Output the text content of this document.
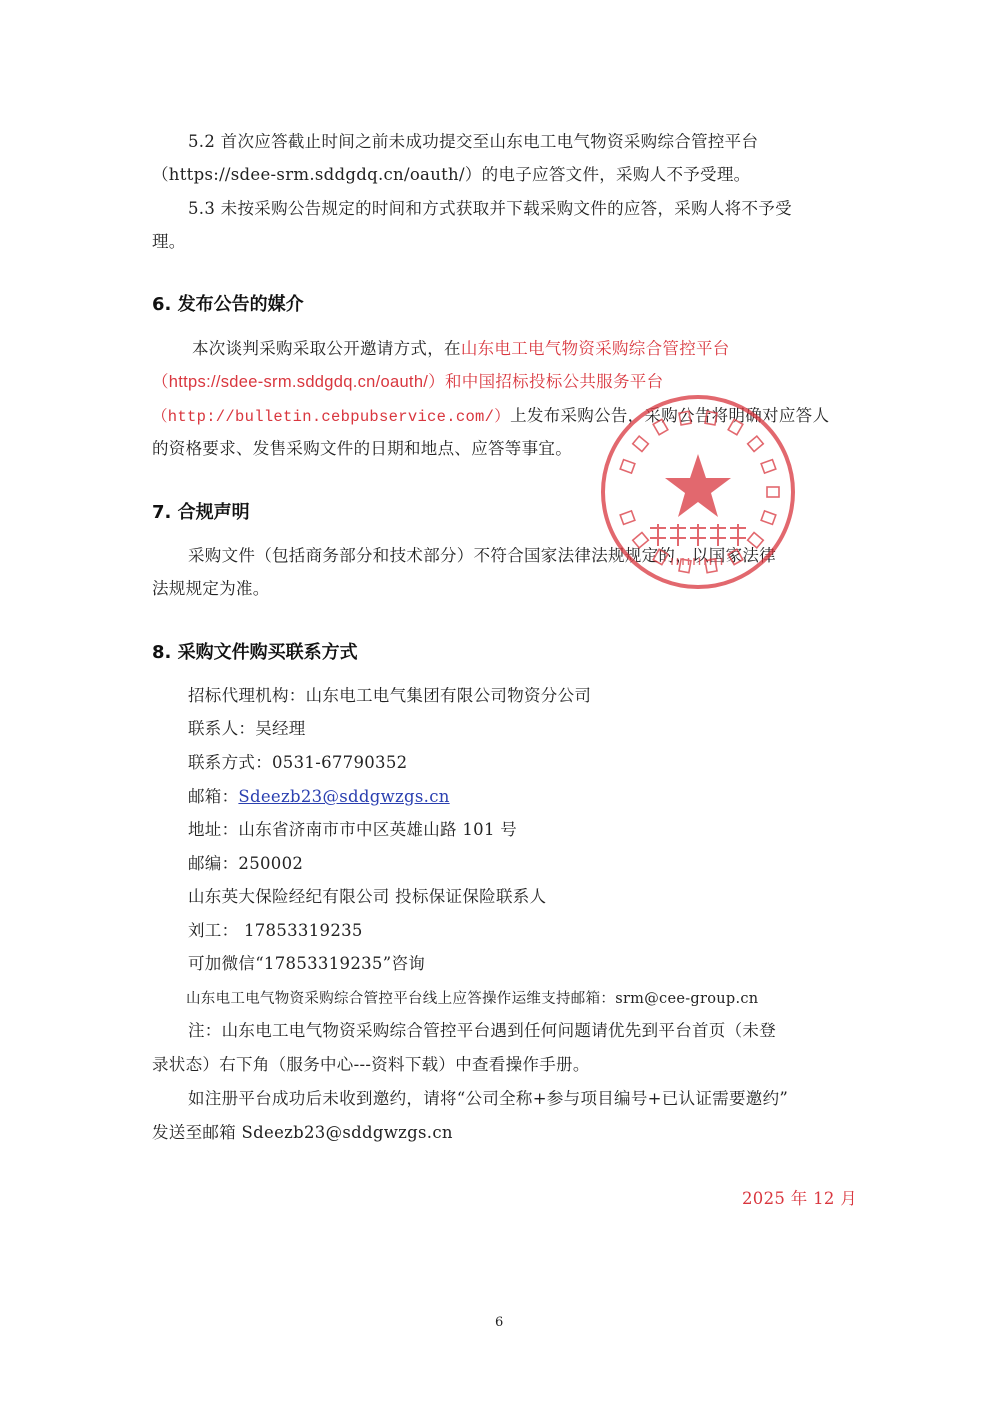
5.2 首次应答截止时间之前未成功提交至山东电工电气物资采购综合管控平台
（https://sdee-srm.sddgdq.cn/oauth/）的电子应答文件，采购人不予受理。
5.3 未按采购公告规定的时间和方式获取并下载采购文件的应答，采购人将不予受
理。
6. 发布公告的媒介
本次谈判采购采取公开邀请方式，在山东电工电气物资采购综合管控平台
（https://sdee-srm.sddgdq.cn/oauth/）和中国招标投标公共服务平台
（http://bulletin.cebpubservice.com/）上发布采购公告，采购公告将明确对应答人
的资格要求、发售采购文件的日期和地点、应答等事宜。
7. 合规声明
采购文件（包括商务部分和技术部分）不符合国家法律法规规定的，以国家法律
法规规定为准。
8. 采购文件购买联系方式
招标代理机构：山东电工电气集团有限公司物资分公司
联系人：吴经理
联系方式：0531-67790352
邮箱：Sdeezb23@sddgwzgs.cn
地址：山东省济南市市中区英雄山路 101 号
邮编：250002
山东英大保险经纪有限公司 投标保证保险联系人
刘工： 17853319235
可加微信“17853319235”咨询
山东电工电气物资采购综合管控平台线上应答操作运维支持邮箱：srm@cee-group.cn
注：山东电工电气物资采购综合管控平台遇到任何问题请优先到平台首页（未登
录状态）右下角（服务中心---资料下载）中查看操作手册。
如注册平台成功后未收到邀约，请将“公司全称+参与项目编号+已认证需要邀约”
发送至邮箱 Sdeezb23@sddgwzgs.cn
2025 年 12 月
6
